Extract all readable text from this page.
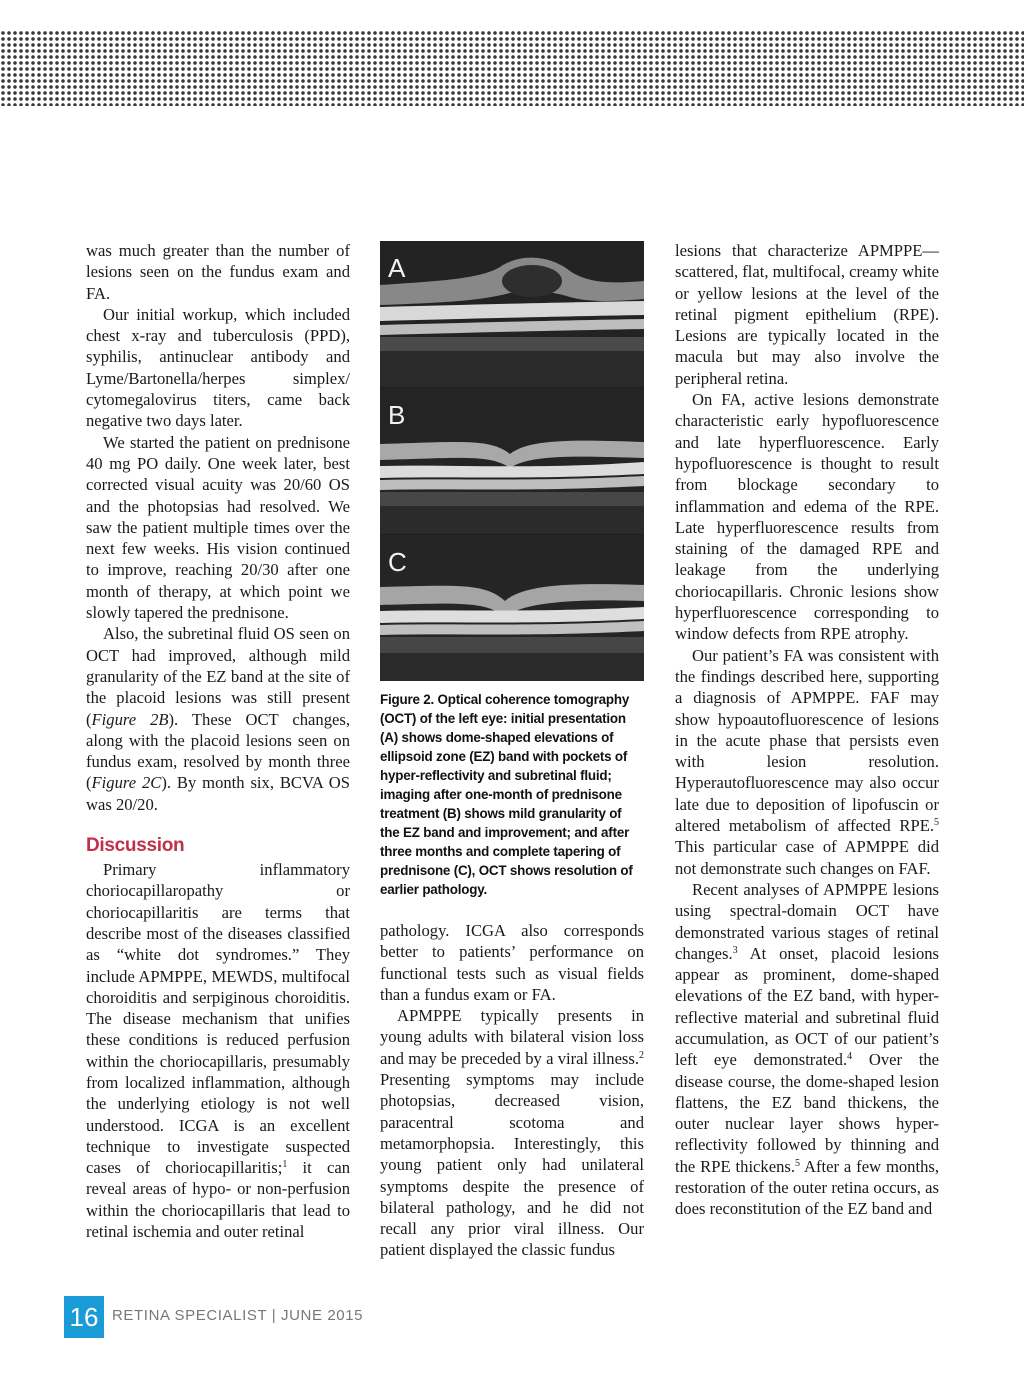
was much greater than the number of lesions seen on the fundus exam and FA.

Our initial workup, which included chest x-ray and tuberculosis (PPD), syphilis, antinuclear antibody and Lyme/Bartonella/herpes simplex/ cytomegalovirus titers, came back negative two days later.

We started the patient on prednisone 40 mg PO daily. One week later, best corrected visual acuity was 20/60 OS and the photopsias had resolved. We saw the patient multiple times over the next few weeks. His vision continued to improve, reaching 20/30 after one month of therapy, at which point we slowly tapered the prednisone.

Also, the subretinal fluid OS seen on OCT had improved, although mild granularity of the EZ band at the site of the placoid lesions was still present (Figure 2B). These OCT changes, along with the placoid lesions seen on fundus exam, resolved by month three (Figure 2C). By month six, BCVA OS was 20/20.

Discussion

Primary inflammatory choriocapillaropathy or choriocapillaritis are terms that describe most of the diseases classified as “white dot syndromes.” They include APMPPE, MEWDS, multifocal choroiditis and serpiginous choroiditis. The disease mechanism that unifies these conditions is reduced perfusion within the choriocapillaris, presumably from localized inflammation, although the underlying etiology is not well understood. ICGA is an excellent technique to investigate suspected cases of choriocapillaritis;$^1$ it can reveal areas of hypo- or non-perfusion within the choriocapillaris that lead to retinal ischemia and outer retinal

A
B
C
Figure 2. Optical coherence tomography (OCT) of the left eye: initial presentation (A) shows dome-shaped elevations of ellipsoid zone (EZ) band with pockets of hyper-reflectivity and subretinal fluid; imaging after one-month of prednisone treatment (B) shows mild granularity of the EZ band and improvement; and after three months and complete tapering of prednisone (C), OCT shows resolution of earlier pathology.

pathology. ICGA also corresponds better to patients’ performance on functional tests such as visual fields than a fundus exam or FA.

APMPPE typically presents in young adults with bilateral vision loss and may be preceded by a viral illness.$^2$ Presenting symptoms may include photopsias, decreased vision, paracentral scotoma and metamorphopsia. Interestingly, this young patient only had unilateral symptoms despite the presence of bilateral pathology, and he did not recall any prior viral illness. Our patient displayed the classic fundus

lesions that characterize APMPPE—scattered, flat, multifocal, creamy white or yellow lesions at the level of the retinal pigment epithelium (RPE). Lesions are typically located in the macula but may also involve the peripheral retina.

On FA, active lesions demonstrate characteristic early hypofluorescence and late hyperfluorescence. Early hypofluorescence is thought to result from blockage secondary to inflammation and edema of the RPE. Late hyperfluorescence results from staining of the damaged RPE and leakage from the underlying choriocapillaris. Chronic lesions show hyperfluorescence corresponding to window defects from RPE atrophy.

Our patient’s FA was consistent with the findings described here, supporting a diagnosis of APMPPE. FAF may show hypoautofluorescence of lesions in the acute phase that persists even with lesion resolution. Hyperautofluorescence may also occur late due to deposition of lipofuscin or altered metabolism of affected RPE.$^5$ This particular case of APMPPE did not demonstrate such changes on FAF.

Recent analyses of APMPPE lesions using spectral-domain OCT have demonstrated various stages of retinal changes.$^3$ At onset, placoid lesions appear as prominent, dome-shaped elevations of the EZ band, with hyper-reflective material and subretinal fluid accumulation, as OCT of our patient’s left eye demonstrated.$^4$ Over the disease course, the dome-shaped lesion flattens, the EZ band thickens, the outer nuclear layer shows hyper-reflectivity followed by thinning and the RPE thickens.$^5$ After a few months, restoration of the outer retina occurs, as does reconstitution of the EZ band and

16 RETINA SPECIALIST | JUNE 2015
